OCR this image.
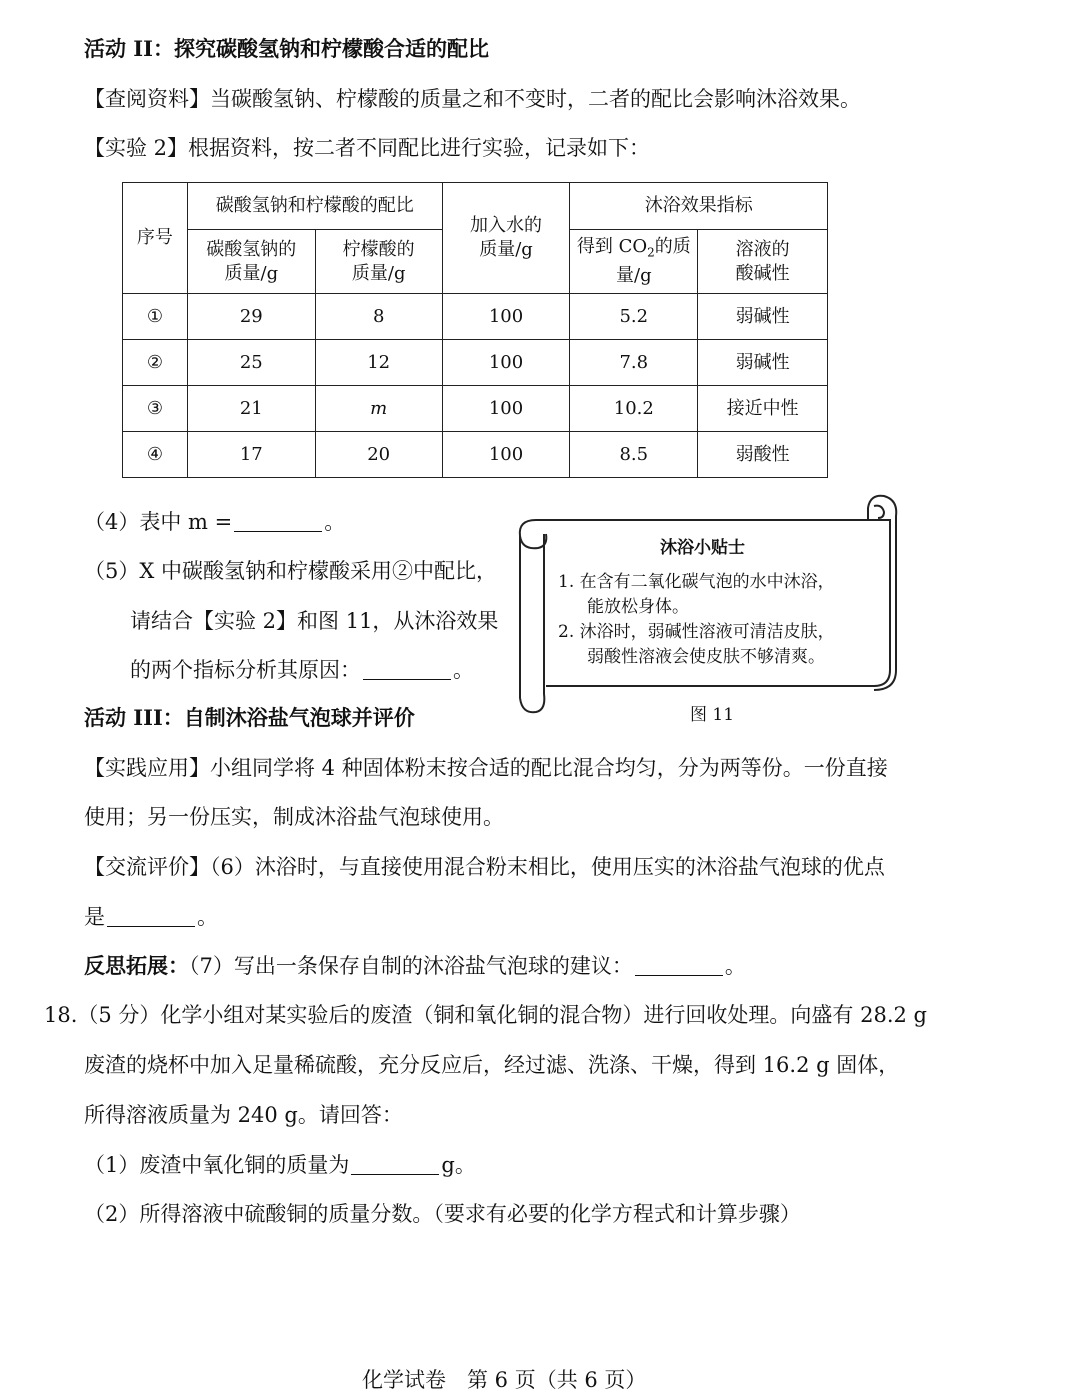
活动 II：探究碳酸氢钠和柠檬酸合适的配比
【查阅资料】当碳酸氢钠、柠檬酸的质量之和不变时，二者的配比会影响沐浴效果。
【实验 2】根据资料，按二者不同配比进行实验，记录如下：
序号	碳酸氢钠和柠檬酸的配比		加入水的质量/g	沐浴效果指标	

	碳酸氢钠的质量/g	柠檬酸的质量/g		得到 $CO_2$的质量/g	溶液的酸碱性

①	29	8	100	5.2	弱碱性
②	25	12	100	7.8	弱碱性
③	21	m	100	10.2	接近中性
④	17	20	100	8.5	弱酸性
（4）表中 m =	。
（5）X 中碳酸氢钠和柠檬酸采用②中配比，
请结合【实验 2】和图 11，从沐浴效果
的两个指标分析其原因：	。
沐浴小贴士
1. 在含有二氧化碳气泡的水中沐浴，
能放松身体。
2. 沐浴时，弱碱性溶液可清洁皮肤，
弱酸性溶液会使皮肤不够清爽。
图 11
活动 III：自制沐浴盐气泡球并评价
【实践应用】小组同学将 4 种固体粉末按合适的配比混合均匀，分为两等份。一份直接
使用；另一份压实，制成沐浴盐气泡球使用。
【交流评价】（6）沐浴时，与直接使用混合粉末相比，使用压实的沐浴盐气泡球的优点
是	。
反思拓展：（7）写出一条保存自制的沐浴盐气泡球的建议：	。
18.（5 分）化学小组对某实验后的废渣（铜和氧化铜的混合物）进行回收处理。向盛有 28.2 g
废渣的烧杯中加入足量稀硫酸，充分反应后，经过滤、洗涤、干燥，得到 16.2 g 固体，
所得溶液质量为 240 g。请回答：
（1）废渣中氧化铜的质量为	g。
（2）所得溶液中硫酸铜的质量分数。（要求有必要的化学方程式和计算步骤）
化学试卷　第 6 页（共 6 页）
